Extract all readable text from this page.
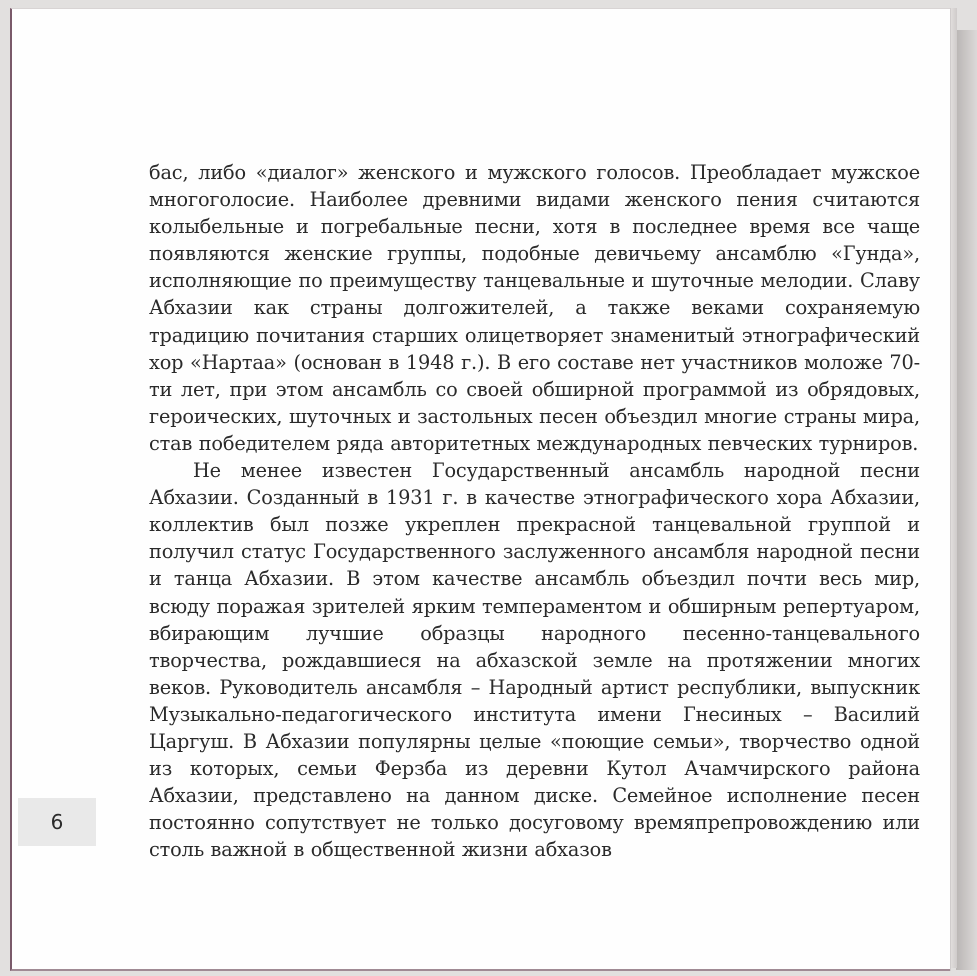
бас, либо «диалог» женского и мужского голосов. Преобладает мужское многоголосие. Наиболее древними видами женского пения считаются колыбельные и погребальные песни, хотя в последнее время все чаще появляются женские группы, подобные девичьему ансамблю «Гунда», исполняющие по преимуществу танцевальные и шуточные мелодии. Славу Абхазии как страны долгожителей, а также веками сохраняемую традицию почитания старших олицетворяет знаменитый этнографический хор «Нартаа» (основан в 1948 г.). В его составе нет участников моложе 70-ти лет, при этом ансамбль со своей обширной программой из обрядовых, героических, шуточных и застольных песен объездил многие страны мира, став победителем ряда авторитетных международных певческих турниров.

Не менее известен Государственный ансамбль народной песни Абхазии. Созданный в 1931 г. в качестве этнографического хора Абхазии, коллектив был позже укреплен прекрасной танцевальной группой и получил статус Государственного заслуженного ансамбля народной песни и танца Абхазии. В этом качестве ансамбль объездил почти весь мир, всюду поражая зрителей ярким темпераментом и обширным репертуаром, вбирающим лучшие образцы народного песенно-танцевального творчества, рождавшиеся на абхазской земле на протяжении многих веков. Руководитель ансамбля – Народный артист республики, выпускник Музыкально-педагогического института имени Гнесиных – Василий Царгуш. В Абхазии популярны целые «поющие семьи», творчество одной из которых, семьи Ферзба из деревни Кутол Ачамчирского района Абхазии, представлено на данном диске. Семейное исполнение песен постоянно сопутствует не только досуговому времяпрепровождению или столь важной в общественной жизни абхазов

6
